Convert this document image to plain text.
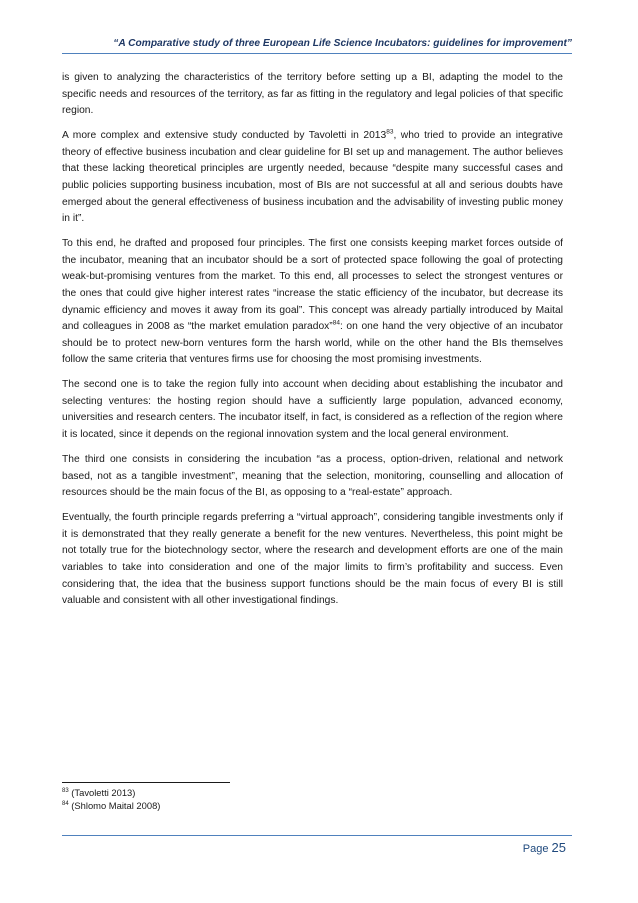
“A Comparative study of three European Life Science Incubators: guidelines for improvement”

is given to analyzing the characteristics of the territory before setting up a BI, adapting the model to the specific needs and resources of the territory, as far as fitting in the regulatory and legal policies of that specific region.

A more complex and extensive study conducted by Tavoletti in 2013$^{83}$, who tried to provide an integrative theory of effective business incubation and clear guideline for BI set up and management. The author believes that these lacking theoretical principles are urgently needed, because “despite many successful cases and public policies supporting business incubation, most of BIs are not successful at all and serious doubts have emerged about the general effectiveness of business incubation and the advisability of investing public money in it”.

To this end, he drafted and proposed four principles. The first one consists keeping market forces outside of the incubator, meaning that an incubator should be a sort of protected space following the goal of protecting weak-but-promising ventures from the market. To this end, all processes to select the strongest ventures or the ones that could give higher interest rates “increase the static efficiency of the incubator, but decrease its dynamic efficiency and moves it away from its goal”. This concept was already partially introduced by Maital and colleagues in 2008 as “the market emulation paradox”$^{84}$: on one hand the very objective of an incubator should be to protect new-born ventures form the harsh world, while on the other hand the BIs themselves follow the same criteria that ventures firms use for choosing the most promising investments.

The second one is to take the region fully into account when deciding about establishing the incubator and selecting ventures: the hosting region should have a sufficiently large population, advanced economy, universities and research centers. The incubator itself, in fact, is considered as a reflection of the region where it is located, since it depends on the regional innovation system and the local general environment.

The third one consists in considering the incubation “as a process, option-driven, relational and network based, not as a tangible investment”, meaning that the selection, monitoring, counselling and allocation of resources should be the main focus of the BI, as opposing to a “real-estate” approach.

Eventually, the fourth principle regards preferring a “virtual approach”, considering tangible investments only if it is demonstrated that they really generate a benefit for the new ventures. Nevertheless, this point might be not totally true for the biotechnology sector, where the research and development efforts are one of the main variables to take into consideration and one of the major limits to firm’s profitability and success. Even considering that, the idea that the business support functions should be the main focus of every BI is still valuable and consistent with all other investigational findings.

$^{83}$ (Tavoletti 2013)
$^{84}$ (Shlomo Maital 2008)
Page 25
